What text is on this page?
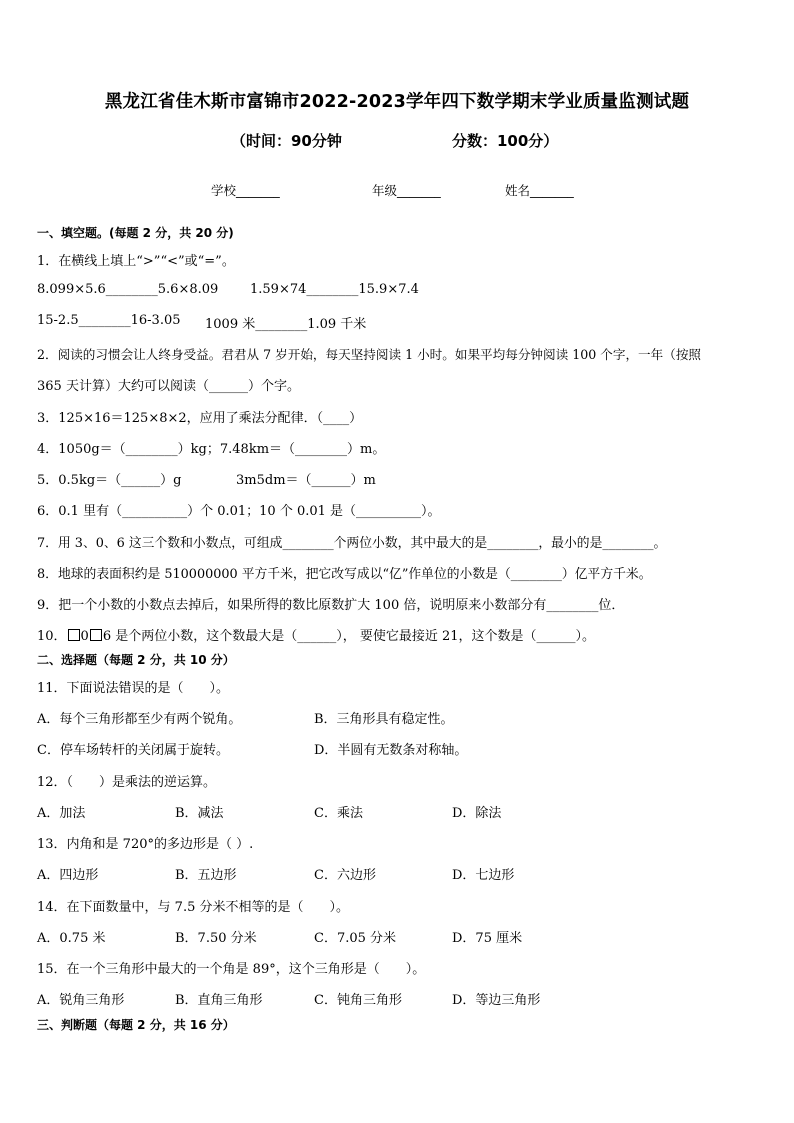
黑龙江省佳木斯市富锦市2022-2023学年四下数学期末学业质量监测试题
（时间：90分钟	分数：100分）
学校_______	年级_______	姓名_______
一、填空题。(每题 2 分，共 20 分)
1．在横线上填上“>”“<”或“=”。
8.099×5.6________5.6×8.09 1.59×74________15.9×7.4
15-2.5________16-3.05 1009 米________1.09 千米
2．阅读的习惯会让人终身受益。君君从 7 岁开始，每天坚持阅读 1 小时。如果平均每分钟阅读 100 个字，一年（按照
365 天计算）大约可以阅读（______）个字。
3．125×16＝125×8×2，应用了乘法分配律．（____）
4．1050g＝（________）kg；7.48km＝（________）m。
5．0.5kg＝（______）g	3m5dm＝（______）m
6．0.1 里有（__________）个 0.01；10 个 0.01 是（__________）。
7．用 3、0、6 这三个数和小数点，可组成________个两位小数，其中最大的是________，最小的是________。
8．地球的表面积约是 510000000 平方千米，把它改写成以“亿”作单位的小数是（________）亿平方千米。
9．把一个小数的小数点去掉后，如果所得的数比原数扩大 100 倍，说明原来小数部分有________位．
10． 0 6 是个两位小数，这个数最大是（______）， 要使它最接近 21，这个数是（______）。
二、选择题（每题 2 分，共 10 分）
11．下面说法错误的是（　　）。
A．每个三角形都至少有两个锐角。	B．三角形具有稳定性。
C．停车场转杆的关闭属于旋转。	D．半圆有无数条对称轴。
12．（　　）是乘法的逆运算。
A．加法	B．减法	C．乘法	D．除法
13．内角和是 720°的多边形是（ ）.
A．四边形	B．五边形	C．六边形	D．七边形
14．在下面数量中，与 7.5 分米不相等的是（　　）。
A．0.75 米	B．7.50 分米	C．7.05 分米	D．75 厘米
15．在一个三角形中最大的一个角是 89°，这个三角形是（　　）。
A．锐角三角形	B．直角三角形	C．钝角三角形	D．等边三角形
三、判断题（每题 2 分，共 16 分）
